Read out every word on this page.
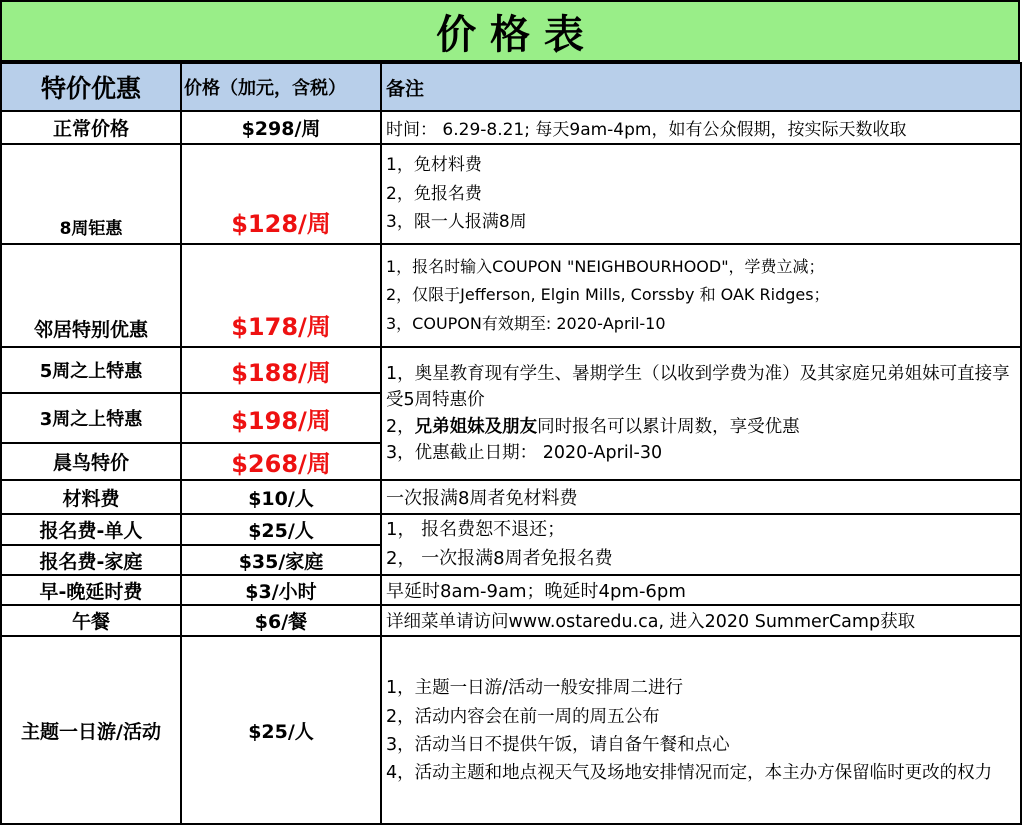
价 格 表
特价优惠	价格（加元，含税）	备注
正常价格	$298/周	时间： 6.29-8.21; 每天9am-4pm，如有公众假期，按实际天数收取
8周钜惠	$128/周	1，免材料费
2，免报名费
3，限一人报满8周

邻居特别优惠	$178/周	1，报名时输入COUPON "NEIGHBOURHOOD"，学费立减；
2，仅限于Jefferson, Elgin Mills, Corssby 和 OAK Ridges；
3，COUPON有效期至: 2020-April-10

5周之上特惠	$188/周	1，奥星教育现有学生、暑期学生（以收到学费为准）及其家庭兄弟姐妹可直接享受5周特惠价
2，兄弟姐妹及朋友同时报名可以累计周数，享受优惠
3，优惠截止日期： 2020-April-30

3周之上特惠	$198/周	
晨鸟特价	$268/周	
材料费	$10/人	一次报满8周者免材料费
报名费-单人	$25/人	1， 报名费恕不退还；
2， 一次报满8周者免报名费

报名费-家庭	$35/家庭	
早-晚延时费	$3/小时	早延时8am-9am；晚延时4pm-6pm
午餐	$6/餐	详细菜单请访问www.ostaredu.ca, 进入2020 SummerCamp获取
主题一日游/活动	$25/人	1，主题一日游/活动一般安排周二进行
2，活动内容会在前一周的周五公布
3，活动当日不提供午饭，请自备午餐和点心
4，活动主题和地点视天气及场地安排情况而定，本主办方保留临时更改的权力
